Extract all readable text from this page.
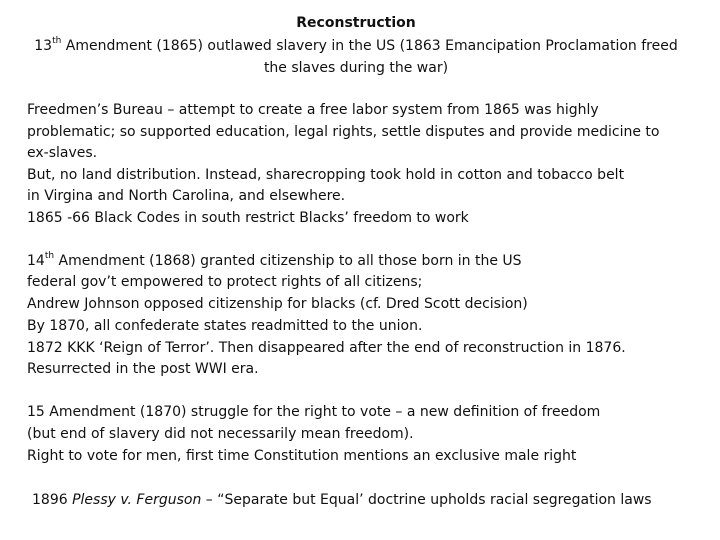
Reconstruction
13th Amendment (1865) outlawed slavery in the US (1863 Emancipation Proclamation freed the slaves during the war)
Freedmen’s Bureau – attempt to create a free labor system from 1865 was highly
problematic; so supported education, legal rights, settle disputes and provide medicine to
ex-slaves.
But, no land distribution. Instead, sharecropping took hold in cotton and tobacco belt
in Virgina and North Carolina, and elsewhere.
1865 -66 Black Codes in south restrict Blacks’ freedom to work
14th Amendment (1868) granted citizenship to all those born in the US
federal gov’t empowered to protect rights of all citizens;
Andrew Johnson opposed citizenship for blacks (cf. Dred Scott decision)
By 1870, all confederate states readmitted to the union.
1872 KKK ‘Reign of Terror’. Then disappeared after the end of reconstruction in 1876.
Resurrected in the post WWI era.
15 Amendment (1870) struggle for the right to vote – a new definition of freedom
(but end of slavery did not necessarily mean freedom).
Right to vote for men, first time Constitution mentions an exclusive male right
1896 Plessy v. Ferguson – “Separate but Equal’ doctrine upholds racial segregation laws
